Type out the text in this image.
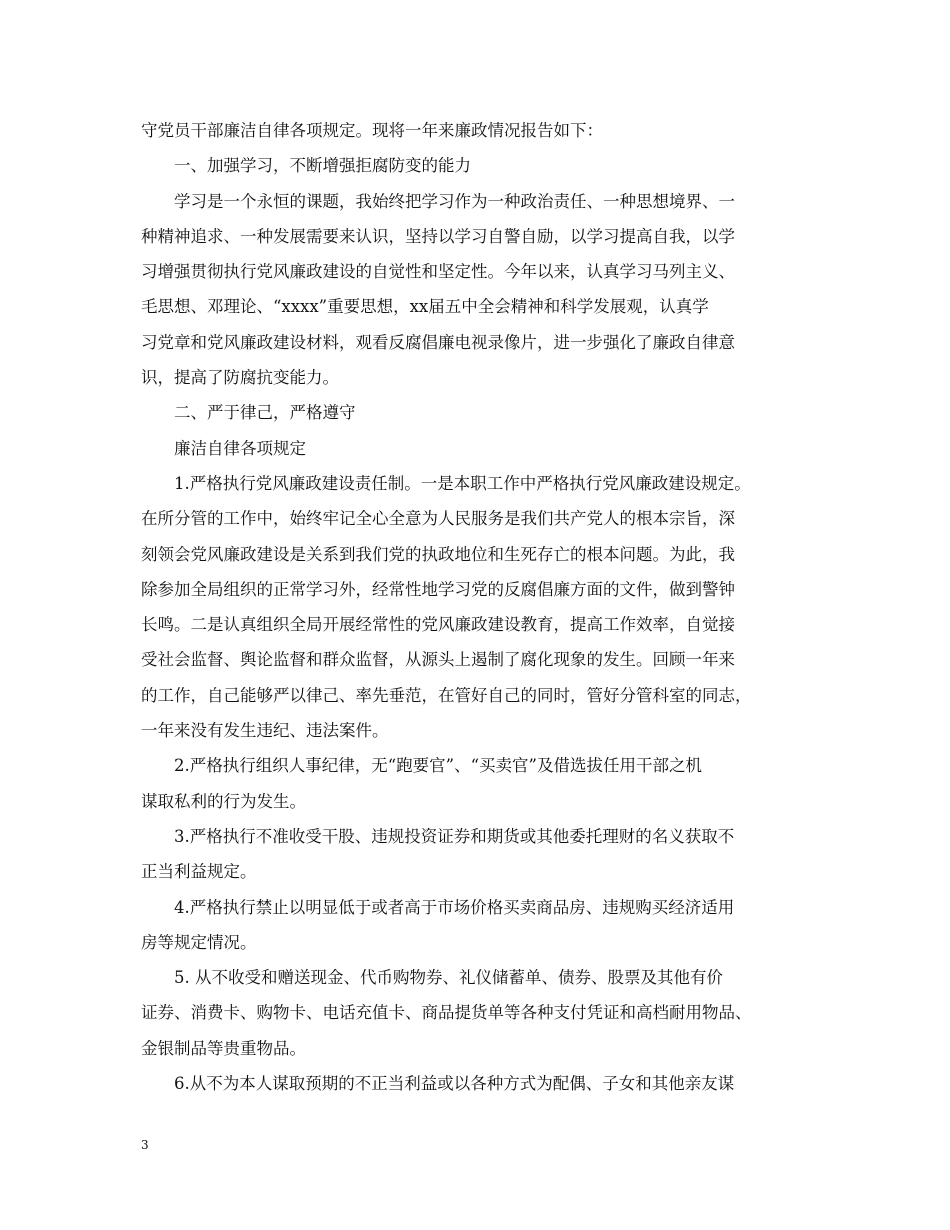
守党员干部廉洁自律各项规定。现将一年来廉政情况报告如下：
一、加强学习，不断增强拒腐防变的能力
学习是一个永恒的课题，我始终把学习作为一种政治责任、一种思想境界、一
种精神追求、一种发展需要来认识，坚持以学习自警自励，以学习提高自我，以学
习增强贯彻执行党风廉政建设的自觉性和坚定性。今年以来，认真学习马列主义、
毛思想、邓理论、“xxxx”重要思想，xx届五中全会精神和科学发展观，认真学
习党章和党风廉政建设材料，观看反腐倡廉电视录像片，进一步强化了廉政自律意
识，提高了防腐抗变能力。
二、严于律己，严格遵守
廉洁自律各项规定
1.严格执行党风廉政建设责任制。一是本职工作中严格执行党风廉政建设规定。
在所分管的工作中，始终牢记全心全意为人民服务是我们共产党人的根本宗旨，深
刻领会党风廉政建设是关系到我们党的执政地位和生死存亡的根本问题。为此，我
除参加全局组织的正常学习外，经常性地学习党的反腐倡廉方面的文件，做到警钟
长鸣。二是认真组织全局开展经常性的党风廉政建设教育，提高工作效率，自觉接
受社会监督、舆论监督和群众监督，从源头上遏制了腐化现象的发生。回顾一年来
的工作，自己能够严以律己、率先垂范，在管好自己的同时，管好分管科室的同志，
一年来没有发生违纪、违法案件。
2.严格执行组织人事纪律，无“跑要官”、“买卖官”及借选拔任用干部之机
谋取私利的行为发生。
3.严格执行不准收受干股、违规投资证券和期货或其他委托理财的名义获取不
正当利益规定。
4.严格执行禁止以明显低于或者高于市场价格买卖商品房、违规购买经济适用
房等规定情况。
5. 从不收受和赠送现金、代币购物券、礼仪储蓄单、债券、股票及其他有价
证券、消费卡、购物卡、电话充值卡、商品提货单等各种支付凭证和高档耐用物品、
金银制品等贵重物品。
6.从不为本人谋取预期的不正当利益或以各种方式为配偶、子女和其他亲友谋
3
